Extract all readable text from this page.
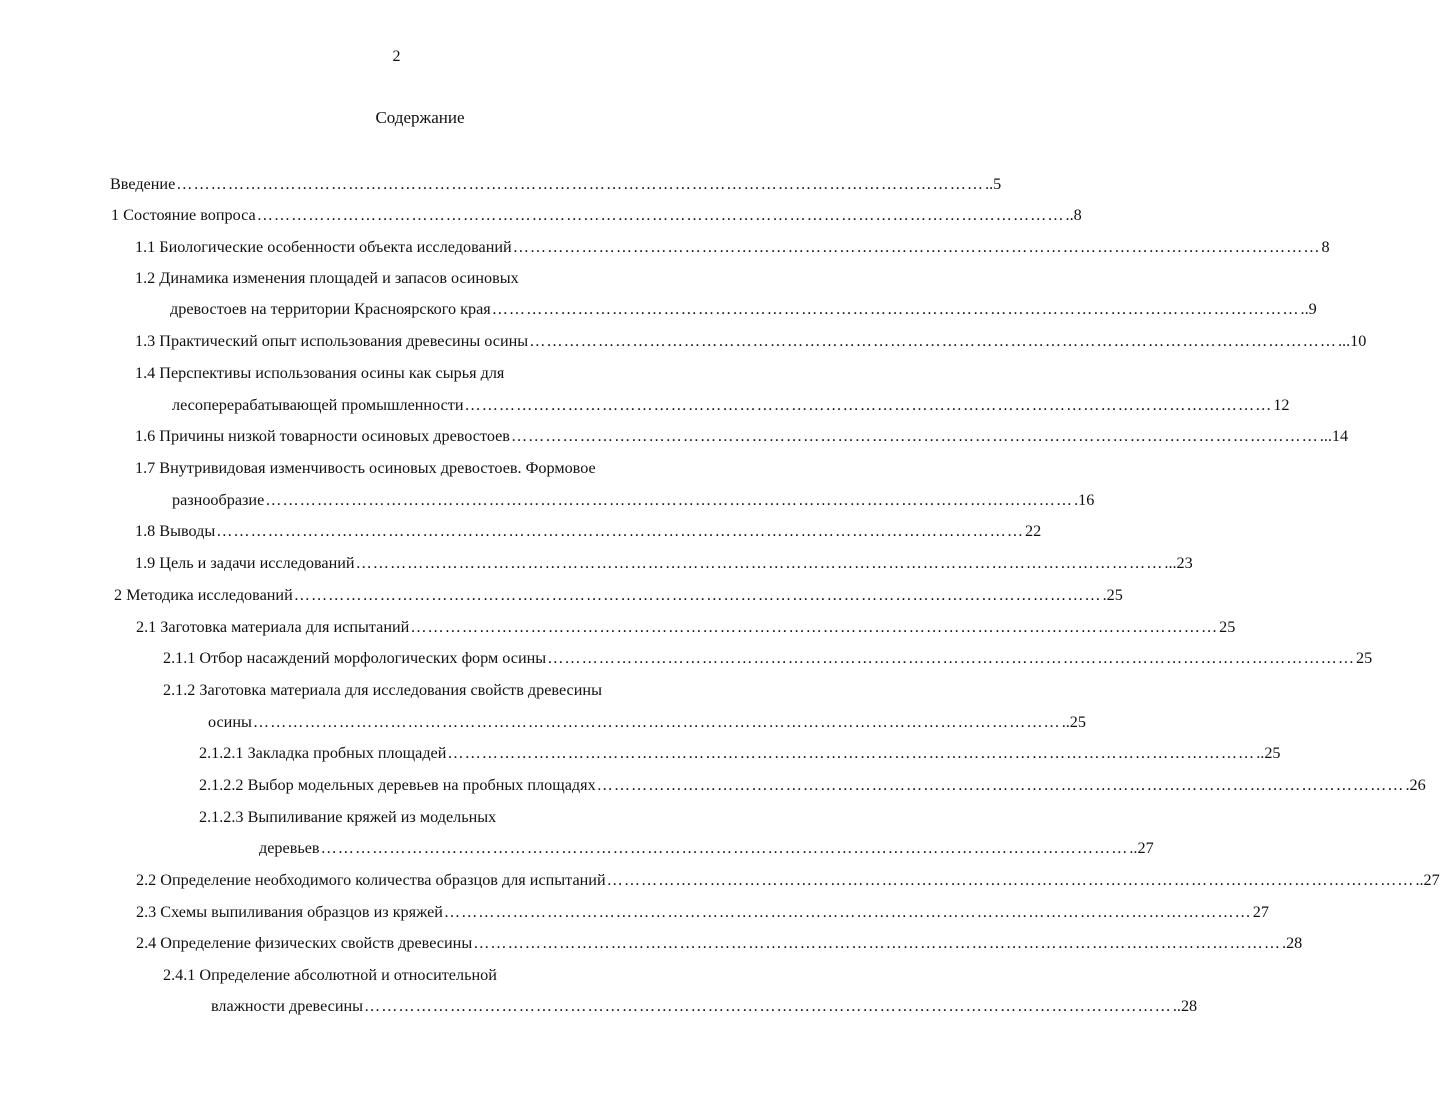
2
Содержание
Введение …………………………………………………………………………………………………………………………… ..5
1 Состояние вопроса …………………………………………………………………………………………………………………………… ..8
1.1 Биологические особенности объекта исследований …………………………………………………………………………………………………………………………… 8
1.2 Динамика изменения площадей и запасов осиновых
древостоев на территории Красноярского края …………………………………………………………………………………………………………………………… ..9
1.3 Практический опыт использования древесины осины …………………………………………………………………………………………………………………………… ...10
1.4 Перспективы использования осины как сырья для
лесоперерабатывающей промышленности …………………………………………………………………………………………………………………………… 12
1.6 Причины низкой товарности осиновых древостоев …………………………………………………………………………………………………………………………… ...14
1.7 Внутривидовая изменчивость осиновых древостоев. Формовое
разнообразие …………………………………………………………………………………………………………………………… .16
1.8 Выводы …………………………………………………………………………………………………………………………… 22
1.9 Цель и задачи исследований …………………………………………………………………………………………………………………………… ...23
2 Методика исследований …………………………………………………………………………………………………………………………… .25
2.1 Заготовка материала для испытаний …………………………………………………………………………………………………………………………… 25
2.1.1 Отбор насаждений морфологических форм осины …………………………………………………………………………………………………………………………… 25
2.1.2 Заготовка материала для исследования свойств древесины
осины …………………………………………………………………………………………………………………………… ..25
2.1.2.1 Закладка пробных площадей …………………………………………………………………………………………………………………………… ..25
2.1.2.2 Выбор модельных деревьев на пробных площадях …………………………………………………………………………………………………………………………… .26
2.1.2.3 Выпиливание кряжей из модельных
деревьев …………………………………………………………………………………………………………………………… ..27
2.2 Определение необходимого количества образцов для испытаний …………………………………………………………………………………………………………………………… ..27
2.3 Схемы выпиливания образцов из кряжей …………………………………………………………………………………………………………………………… 27
2.4 Определение физических свойств древесины …………………………………………………………………………………………………………………………… .28
2.4.1 Определение абсолютной и относительной
влажности древесины …………………………………………………………………………………………………………………………… ..28
